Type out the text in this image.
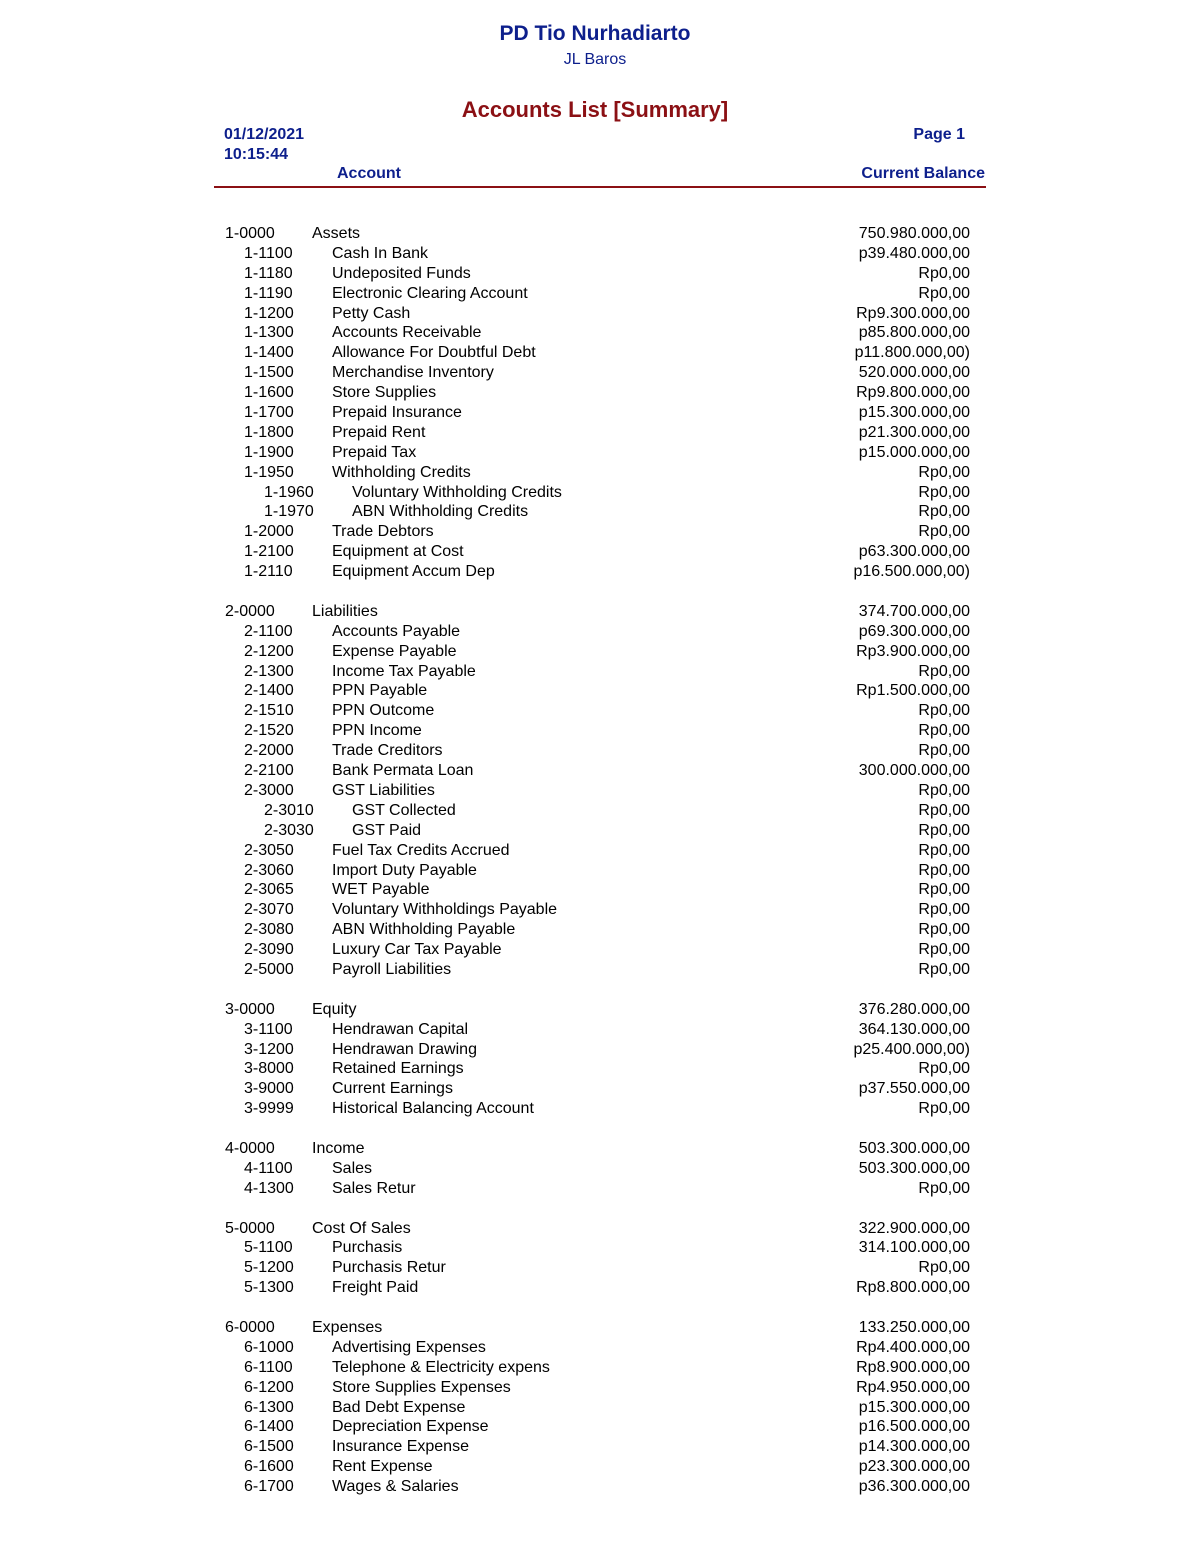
PD Tio Nurhadiarto
JL Baros
Accounts List [Summary]
01/12/2021
10:15:44
Page 1
Account	Current Balance
1-0000 Assets	750.980.000,00
1-1100 Cash In Bank	p39.480.000,00
1-1180 Undeposited Funds	Rp0,00
1-1190 Electronic Clearing Account	Rp0,00
1-1200 Petty Cash	Rp9.300.000,00
1-1300 Accounts Receivable	p85.800.000,00
1-1400 Allowance For Doubtful Debt	p11.800.000,00)
1-1500 Merchandise Inventory	520.000.000,00
1-1600 Store Supplies	Rp9.800.000,00
1-1700 Prepaid Insurance	p15.300.000,00
1-1800 Prepaid Rent	p21.300.000,00
1-1900 Prepaid Tax	p15.000.000,00
1-1950 Withholding Credits	Rp0,00
1-1960 Voluntary Withholding Credits	Rp0,00
1-1970 ABN Withholding Credits	Rp0,00
1-2000 Trade Debtors	Rp0,00
1-2100 Equipment at Cost	p63.300.000,00
1-2110 Equipment Accum Dep	p16.500.000,00)
2-0000 Liabilities	374.700.000,00
2-1100 Accounts Payable	p69.300.000,00
2-1200 Expense Payable	Rp3.900.000,00
2-1300 Income Tax Payable	Rp0,00
2-1400 PPN Payable	Rp1.500.000,00
2-1510 PPN Outcome	Rp0,00
2-1520 PPN Income	Rp0,00
2-2000 Trade Creditors	Rp0,00
2-2100 Bank Permata Loan	300.000.000,00
2-3000 GST Liabilities	Rp0,00
2-3010 GST Collected	Rp0,00
2-3030 GST Paid	Rp0,00
2-3050 Fuel Tax Credits Accrued	Rp0,00
2-3060 Import Duty Payable	Rp0,00
2-3065 WET Payable	Rp0,00
2-3070 Voluntary Withholdings Payable	Rp0,00
2-3080 ABN Withholding Payable	Rp0,00
2-3090 Luxury Car Tax Payable	Rp0,00
2-5000 Payroll Liabilities	Rp0,00
3-0000 Equity	376.280.000,00
3-1100 Hendrawan Capital	364.130.000,00
3-1200 Hendrawan Drawing	p25.400.000,00)
3-8000 Retained Earnings	Rp0,00
3-9000 Current Earnings	p37.550.000,00
3-9999 Historical Balancing Account	Rp0,00
4-0000 Income	503.300.000,00
4-1100 Sales	503.300.000,00
4-1300 Sales Retur	Rp0,00
5-0000 Cost Of Sales	322.900.000,00
5-1100 Purchasis	314.100.000,00
5-1200 Purchasis Retur	Rp0,00
5-1300 Freight Paid	Rp8.800.000,00
6-0000 Expenses	133.250.000,00
6-1000 Advertising Expenses	Rp4.400.000,00
6-1100 Telephone & Electricity expens	Rp8.900.000,00
6-1200 Store Supplies Expenses	Rp4.950.000,00
6-1300 Bad Debt Expense	p15.300.000,00
6-1400 Depreciation Expense	p16.500.000,00
6-1500 Insurance Expense	p14.300.000,00
6-1600 Rent Expense	p23.300.000,00
6-1700 Wages & Salaries	p36.300.000,00
